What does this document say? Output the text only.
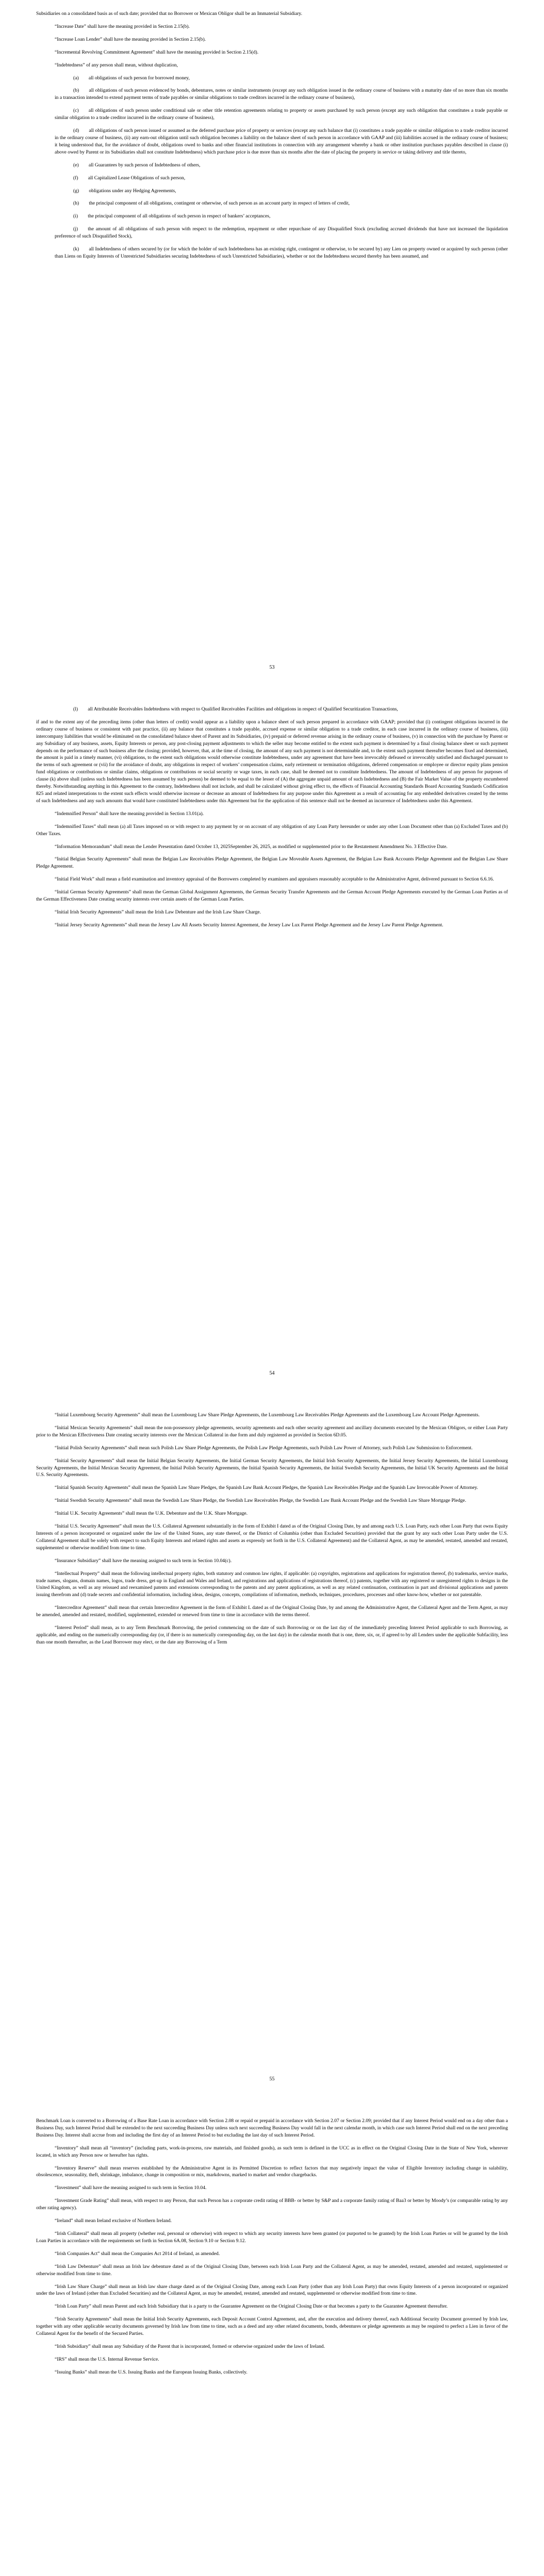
Subsidiaries on a consolidated basis as of such date; provided that no Borrower or Mexican Obligor shall be an Immaterial Subsidiary.

“Increase Date” shall have the meaning provided in Section 2.15(b).

“Increase Loan Lender” shall have the meaning provided in Section 2.15(b).

“Incremental Revolving Commitment Agreement” shall have the meaning provided in Section 2.15(d).

“Indebtedness” of any person shall mean, without duplication,

(a)  all obligations of such person for borrowed money,

(b)  all obligations of such person evidenced by bonds, debentures, notes or similar instruments (except any such obligation issued in the ordinary course of business with a maturity date of no more than six months in a transaction intended to extend payment terms of trade payables or similar obligations to trade creditors incurred in the ordinary course of business),

(c)  all obligations of such person under conditional sale or other title retention agreements relating to property or assets purchased by such person (except any such obligation that constitutes a trade payable or similar obligation to a trade creditor incurred in the ordinary course of business),

(d)  all obligations of such person issued or assumed as the deferred purchase price of property or services (except any such balance that (i) constitutes a trade payable or similar obligation to a trade creditor incurred in the ordinary course of business, (ii) any earn-out obligation until such obligation becomes a liability on the balance sheet of such person in accordance with GAAP and (iii) liabilities accrued in the ordinary course of business; it being understood that, for the avoidance of doubt, obligations owed to banks and other financial institutions in connection with any arrangement whereby a bank or other institution purchases payables described in clause (i) above owed by Parent or its Subsidiaries shall not constitute Indebtedness) which purchase price is due more than six months after the date of placing the property in service or taking delivery and title thereto,

(e)  all Guarantees by such person of Indebtedness of others,

(f)  all Capitalized Lease Obligations of such person,

(g)  obligations under any Hedging Agreements,

(h)  the principal component of all obligations, contingent or otherwise, of such person as an account party in respect of letters of credit,

(i)  the principal component of all obligations of such person in respect of bankers’ acceptances,

(j)  the amount of all obligations of such person with respect to the redemption, repayment or other repurchase of any Disqualified Stock (excluding accrued dividends that have not increased the liquidation preference of such Disqualified Stock),

(k)  all Indebtedness of others secured by (or for which the holder of such Indebtedness has an existing right, contingent or otherwise, to be secured by) any Lien on property owned or acquired by such person (other than Liens on Equity Interests of Unrestricted Subsidiaries securing Indebtedness of such Unrestricted Subsidiaries), whether or not the Indebtedness secured thereby has been assumed, and

53

(l)  all Attributable Receivables Indebtedness with respect to Qualified Receivables Facilities and obligations in respect of Qualified Securitization Transactions,

if and to the extent any of the preceding items (other than letters of credit) would appear as a liability upon a balance sheet of such person prepared in accordance with GAAP; provided that (i) contingent obligations incurred in the ordinary course of business or consistent with past practice, (ii) any balance that constitutes a trade payable, accrued expense or similar obligation to a trade creditor, in each case incurred in the ordinary course of business, (iii) intercompany liabilities that would be eliminated on the consolidated balance sheet of Parent and its Subsidiaries, (iv) prepaid or deferred revenue arising in the ordinary course of business, (v) in connection with the purchase by Parent or any Subsidiary of any business, assets, Equity Interests or person, any post-closing payment adjustments to which the seller may become entitled to the extent such payment is determined by a final closing balance sheet or such payment depends on the performance of such business after the closing; provided, however, that, at the time of closing, the amount of any such payment is not determinable and, to the extent such payment thereafter becomes fixed and determined, the amount is paid in a timely manner, (vi) obligations, to the extent such obligations would otherwise constitute Indebtedness, under any agreement that have been irrevocably defeased or irrevocably satisfied and discharged pursuant to the terms of such agreement or (vii) for the avoidance of doubt, any obligations in respect of workers’ compensation claims, early retirement or termination obligations, deferred compensation or employee or director equity plans pension fund obligations or contributions or similar claims, obligations or contributions or social security or wage taxes, in each case, shall be deemed not to constitute Indebtedness. The amount of Indebtedness of any person for purposes of clause (k) above shall (unless such Indebtedness has been assumed by such person) be deemed to be equal to the lesser of (A) the aggregate unpaid amount of such Indebtedness and (B) the Fair Market Value of the property encumbered thereby. Notwithstanding anything in this Agreement to the contrary, Indebtedness shall not include, and shall be calculated without giving effect to, the effects of Financial Accounting Standards Board Accounting Standards Codification 825 and related interpretations to the extent such effects would otherwise increase or decrease an amount of Indebtedness for any purpose under this Agreement as a result of accounting for any embedded derivatives created by the terms of such Indebtedness and any such amounts that would have constituted Indebtedness under this Agreement but for the application of this sentence shall not be deemed an incurrence of Indebtedness under this Agreement.

“Indemnified Person” shall have the meaning provided in Section 13.01(a).

“Indemnified Taxes” shall mean (a) all Taxes imposed on or with respect to any payment by or on account of any obligation of any Loan Party hereunder or under any other Loan Document other than (a) Excluded Taxes and (b) Other Taxes.

“Information Memorandum” shall mean the Lender Presentation dated October 13, 2025September 26, 2025, as modified or supplemented prior to the Restatement Amendment No. 3 Effective Date.

“Initial Belgian Security Agreements” shall mean the Belgian Law Receivables Pledge Agreement, the Belgian Law Moveable Assets Agreement, the Belgian Law Bank Accounts Pledge Agreement and the Belgian Law Share Pledge Agreement.

“Initial Field Work” shall mean a field examination and inventory appraisal of the Borrowers completed by examiners and appraisers reasonably acceptable to the Administrative Agent, delivered pursuant to Section 6.6.16.

“Initial German Security Agreements” shall mean the German Global Assignment Agreements, the German Security Transfer Agreements and the German Account Pledge Agreements executed by the German Loan Parties as of the German Effectiveness Date creating security interests over certain assets of the German Loan Parties.

“Initial Irish Security Agreements” shall mean the Irish Law Debenture and the Irish Law Share Charge.

“Initial Jersey Security Agreements” shall mean the Jersey Law All Assets Security Interest Agreement, the Jersey Law Lux Parent Pledge Agreement and the Jersey Law Parent Pledge Agreement.

54

“Initial Luxembourg Security Agreements” shall mean the Luxembourg Law Share Pledge Agreements, the Luxembourg Law Receivables Pledge Agreements and the Luxembourg Law Account Pledge Agreements.

“Initial Mexican Security Agreements” shall mean the non-possessory pledge agreements, security agreements and each other security agreement and ancillary documents executed by the Mexican Obligors, or either Loan Party prior to the Mexican Effectiveness Date creating security interests over the Mexican Collateral in due form and duly registered as provided in Section 6D.05.

“Initial Polish Security Agreements” shall mean such Polish Law Share Pledge Agreements, the Polish Law Pledge Agreements, such Polish Law Power of Attorney, such Polish Law Submission to Enforcement.

“Initial Security Agreements” shall mean the Initial Belgian Security Agreements, the Initial German Security Agreements, the Initial Irish Security Agreements, the Initial Jersey Security Agreements, the Initial Luxembourg Security Agreements, the Initial Mexican Security Agreement, the Initial Polish Security Agreements, the Initial Spanish Security Agreements, the Initial Swedish Security Agreements, the Initial UK Security Agreements and the Initial U.S. Security Agreements.

“Initial Spanish Security Agreements” shall mean the Spanish Law Share Pledges, the Spanish Law Bank Account Pledges, the Spanish Law Receivables Pledge and the Spanish Law Irrevocable Power of Attorney.

“Initial Swedish Security Agreements” shall mean the Swedish Law Share Pledge, the Swedish Law Receivables Pledge, the Swedish Law Bank Account Pledge and the Swedish Law Share Mortgage Pledge.

“Initial U.K. Security Agreements” shall mean the U.K. Debenture and the U.K. Share Mortgage.

“Initial U.S. Security Agreement” shall mean the U.S. Collateral Agreement substantially in the form of Exhibit I dated as of the Original Closing Date, by and among each U.S. Loan Party, each other Loan Party that owns Equity Interests of a person incorporated or organized under the law of the United States, any state thereof, or the District of Columbia (other than Excluded Securities) provided that the grant by any such other Loan Party under the U.S. Collateral Agreement shall be solely with respect to such Equity Interests and related rights and assets as expressly set forth in the U.S. Collateral Agreement) and the Collateral Agent, as may be amended, restated, amended and restated, supplemented or otherwise modified from time to time.

“Insurance Subsidiary” shall have the meaning assigned to such term in Section 10.04(c).

“Intellectual Property” shall mean the following intellectual property rights, both statutory and common law rights, if applicable: (a) copyrights, registrations and applications for registration thereof, (b) trademarks, service marks, trade names, slogans, domain names, logos, trade dress, get-up in England and Wales and Ireland, and registrations and applications of registrations thereof, (c) patents, together with any registered or unregistered rights to designs in the United Kingdom, as well as any reissued and reexamined patents and extensions corresponding to the patents and any patent applications, as well as any related continuation, continuation in part and divisional applications and patents issuing therefrom and (d) trade secrets and confidential information, including ideas, designs, concepts, compilations of information, methods, techniques, procedures, processes and other know-how, whether or not patentable.

“Intercreditor Agreement” shall mean that certain Intercreditor Agreement in the form of Exhibit L dated as of the Original Closing Date, by and among the Administrative Agent, the Collateral Agent and the Term Agent, as may be amended, amended and restated, modified, supplemented, extended or renewed from time to time in accordance with the terms thereof.

“Interest Period” shall mean, as to any Term Benchmark Borrowing, the period commencing on the date of such Borrowing or on the last day of the immediately preceding Interest Period applicable to such Borrowing, as applicable, and ending on the numerically corresponding day (or, if there is no numerically corresponding day, on the last day) in the calendar month that is one, three, six, or, if agreed to by all Lenders under the applicable Subfacility, less than one month thereafter, as the Lead Borrower may elect, or the date any Borrowing of a Term

55

Benchmark Loan is converted to a Borrowing of a Base Rate Loan in accordance with Section 2.08 or repaid or prepaid in accordance with Section 2.07 or Section 2.09; provided that if any Interest Period would end on a day other than a Business Day, such Interest Period shall be extended to the next succeeding Business Day unless such next succeeding Business Day would fall in the next calendar month, in which case such Interest Period shall end on the next preceding Business Day. Interest shall accrue from and including the first day of an Interest Period to but excluding the last day of such Interest Period.

“Inventory” shall mean all “inventory” (including parts, work-in-process, raw materials, and finished goods), as such term is defined in the UCC as in effect on the Original Closing Date in the State of New York, wherever located, in which any Person now or hereafter has rights.

“Inventory Reserve” shall mean reserves established by the Administrative Agent in its Permitted Discretion to reflect factors that may negatively impact the value of Eligible Inventory including change in salability, obsolescence, seasonality, theft, shrinkage, imbalance, change in composition or mix, markdowns, marked to market and vendor chargebacks.

“Investment” shall have the meaning assigned to such term in Section 10.04.

“Investment Grade Rating” shall mean, with respect to any Person, that such Person has a corporate credit rating of BBB- or better by S&P and a corporate family rating of Baa3 or better by Moody’s (or comparable rating by any other rating agency).

“Ireland” shall mean Ireland exclusive of Northern Ireland.

“Irish Collateral” shall mean all property (whether real, personal or otherwise) with respect to which any security interests have been granted (or purported to be granted) by the Irish Loan Parties or will be granted by the Irish Loan Parties in accordance with the requirements set forth in Section 6A.08, Section 9.10 or Section 9.12.

“Irish Companies Act” shall mean the Companies Act 2014 of Ireland, as amended.

“Irish Law Debenture” shall mean an Irish law debenture dated as of the Original Closing Date, between each Irish Loan Party and the Collateral Agent, as may be amended, restated, amended and restated, supplemented or otherwise modified from time to time.

“Irish Law Share Charge” shall mean an Irish law share charge dated as of the Original Closing Date, among each Loan Party (other than any Irish Loan Party) that owns Equity Interests of a person incorporated or organized under the laws of Ireland (other than Excluded Securities) and the Collateral Agent, as may be amended, restated, amended and restated, supplemented or otherwise modified from time to time.

“Irish Loan Party” shall mean Parent and each Irish Subsidiary that is a party to the Guarantee Agreement on the Original Closing Date or that becomes a party to the Guarantee Agreement thereafter.

“Irish Security Agreements” shall mean the Initial Irish Security Agreements, each Deposit Account Control Agreement, and, after the execution and delivery thereof, each Additional Security Document governed by Irish law, together with any other applicable security documents governed by Irish law from time to time, such as a deed and any other related documents, bonds, debentures or pledge agreements as may be required to perfect a Lien in favor of the Collateral Agent for the benefit of the Secured Parties.

“Irish Subsidiary” shall mean any Subsidiary of the Parent that is incorporated, formed or otherwise organized under the laws of Ireland.

“IRS” shall mean the U.S. Internal Revenue Service.

“Issuing Banks” shall mean the U.S. Issuing Banks and the European Issuing Banks, collectively.
